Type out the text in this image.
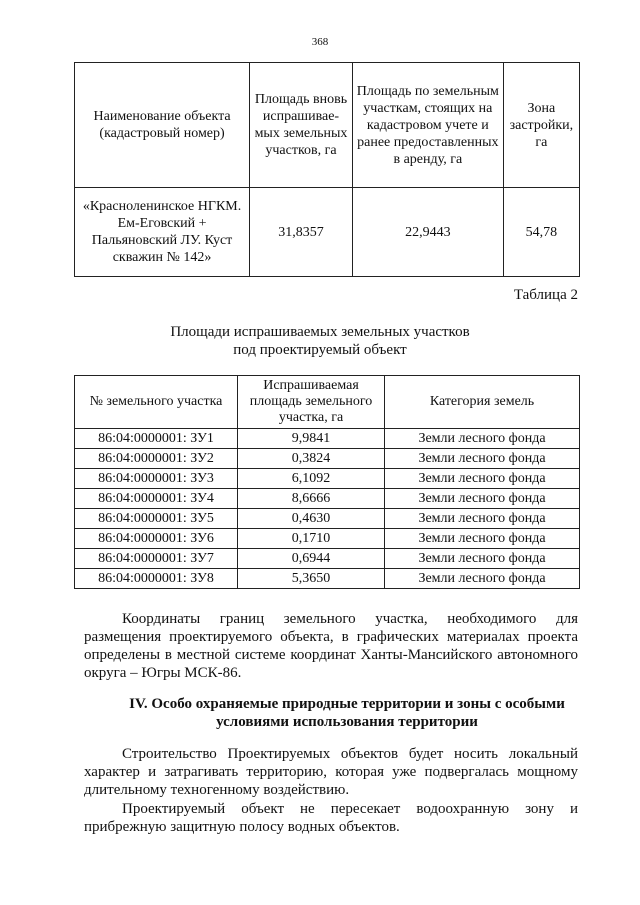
368
Наименование объекта (кадастровый номер)	Площадь вновь испрашивае-мых земельных участков, га	Площадь по земельным участкам, стоящих на кадастровом учете и ранее предоставленных в аренду, га	Зона застройки, га
«Красноленинское НГКМ. Ем-Еговский + Пальяновский ЛУ. Куст скважин № 142»	31,8357	22,9443	54,78
Таблица 2
Площади испрашиваемых земельных участков
под проектируемый объект
№ земельного участка	Испрашиваемая площадь земельного участка, га	Категория земель
86:04:0000001: ЗУ1	9,9841	Земли лесного фонда
86:04:0000001: ЗУ2	0,3824	Земли лесного фонда
86:04:0000001: ЗУ3	6,1092	Земли лесного фонда
86:04:0000001: ЗУ4	8,6666	Земли лесного фонда
86:04:0000001: ЗУ5	0,4630	Земли лесного фонда
86:04:0000001: ЗУ6	0,1710	Земли лесного фонда
86:04:0000001: ЗУ7	0,6944	Земли лесного фонда
86:04:0000001: ЗУ8	5,3650	Земли лесного фонда

Координаты границ земельного участка, необходимого для размещения проектируемого объекта, в графических материалах проекта определены в местной системе координат Ханты-Мансийского автономного округа – Югры МСК-86.

IV. Особо охраняемые природные территории и зоны с особыми условиями использования территории

Строительство Проектируемых объектов будет носить локальный характер и затрагивать территорию, которая уже подвергалась мощному длительному техногенному воздействию.

Проектируемый объект не пересекает водоохранную зону и прибрежную защитную полосу водных объектов.
